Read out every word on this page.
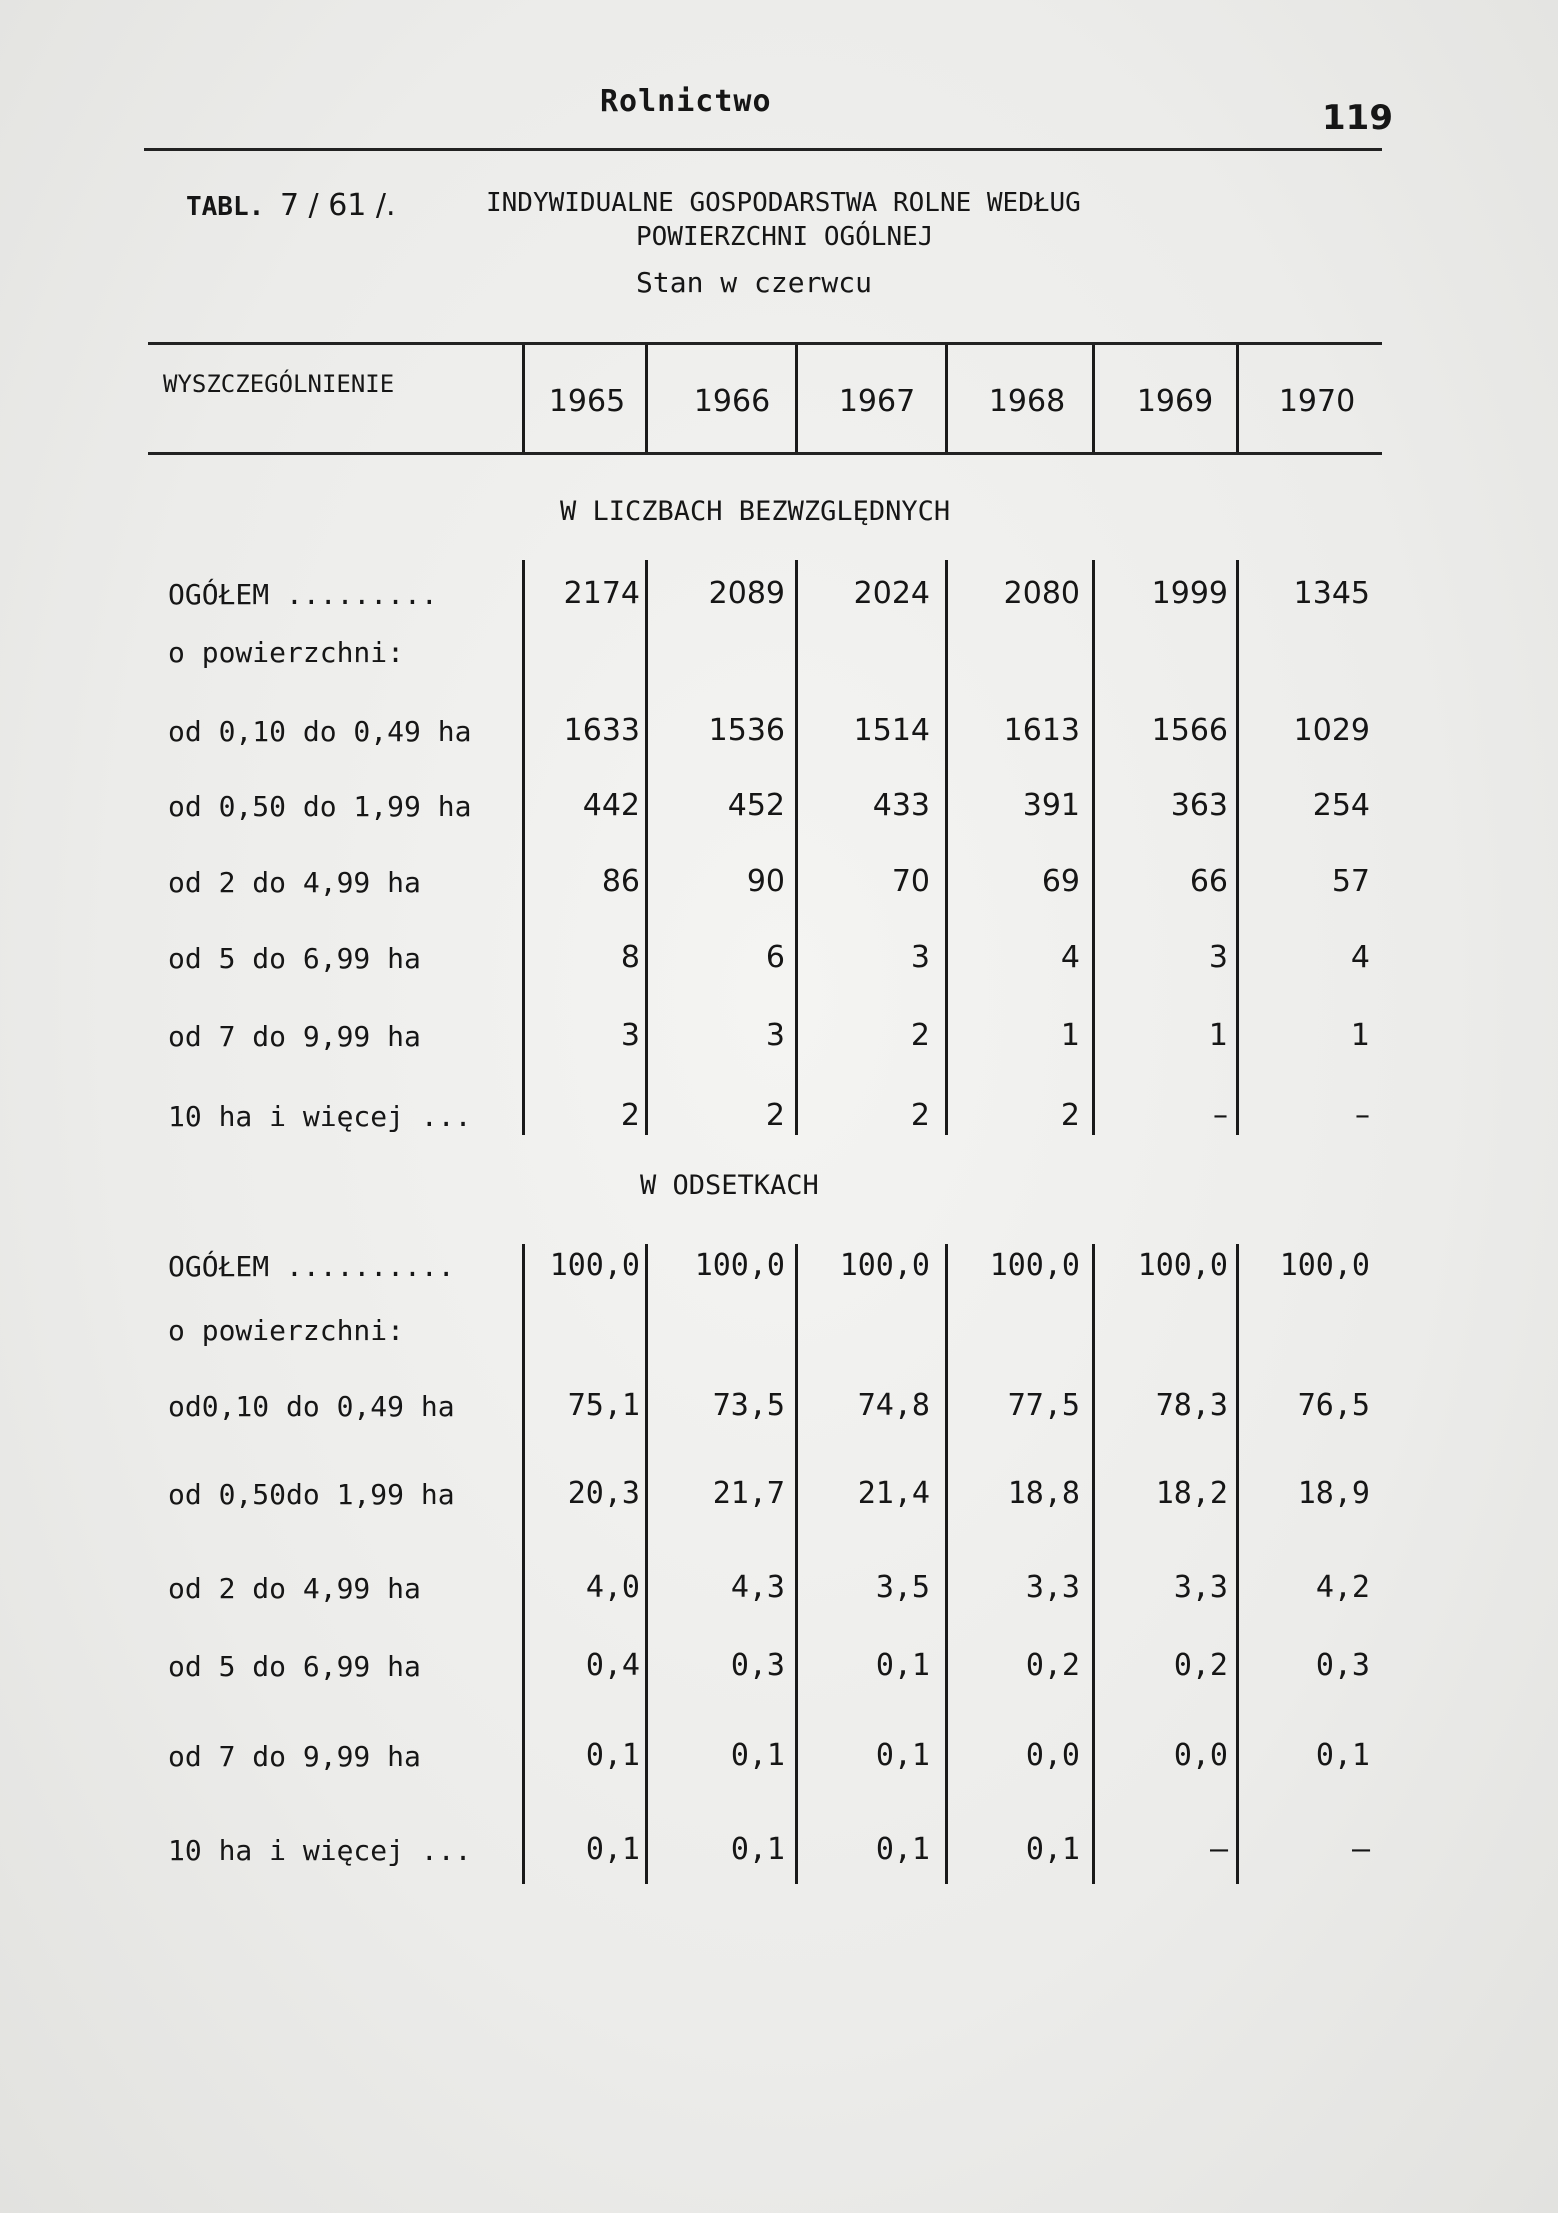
Rolnictwo	119
TABL. 7 / 61 /.	INDYWIDUALNE GOSPODARSTWA ROLNE WEDŁUG
POWIERZCHNI OGÓLNEJ
Stan w czerwcu
WYSZCZEGÓLNIENIE	1965	1966	1967	1968	1969	1970
W LICZBACH BEZWZGLĘDNYCH
W ODSETKACH
OGÓŁEM .........	2174	2089	2024	2080	1999	1345
o powierzchni:
od 0,10 do 0,49 ha	1633	1536	1514	1613	1566	1029
od 0,50 do 1,99 ha	442	452	433	391	363	254
od 2 do 4,99 ha	86	90	70	69	66	57
od 5 do 6,99 ha	8	6	3	4	3	4
od 7 do 9,99 ha	3	3	2	1	1	1
10 ha i więcej ...	2	2	2	2	–	–
OGÓŁEM ..........	100,0	100,0	100,0	100,0	100,0	100,0
o powierzchni:
od0,10 do 0,49 ha	75,1	73,5	74,8	77,5	78,3	76,5
od 0,50do 1,99 ha	20,3	21,7	21,4	18,8	18,2	18,9
od 2 do 4,99 ha	4,0	4,3	3,5	3,3	3,3	4,2
od 5 do 6,99 ha	0,4	0,3	0,1	0,2	0,2	0,3
od 7 do 9,99 ha	0,1	0,1	0,1	0,0	0,0	0,1
10 ha i więcej ...	0,1	0,1	0,1	0,1	–	–
